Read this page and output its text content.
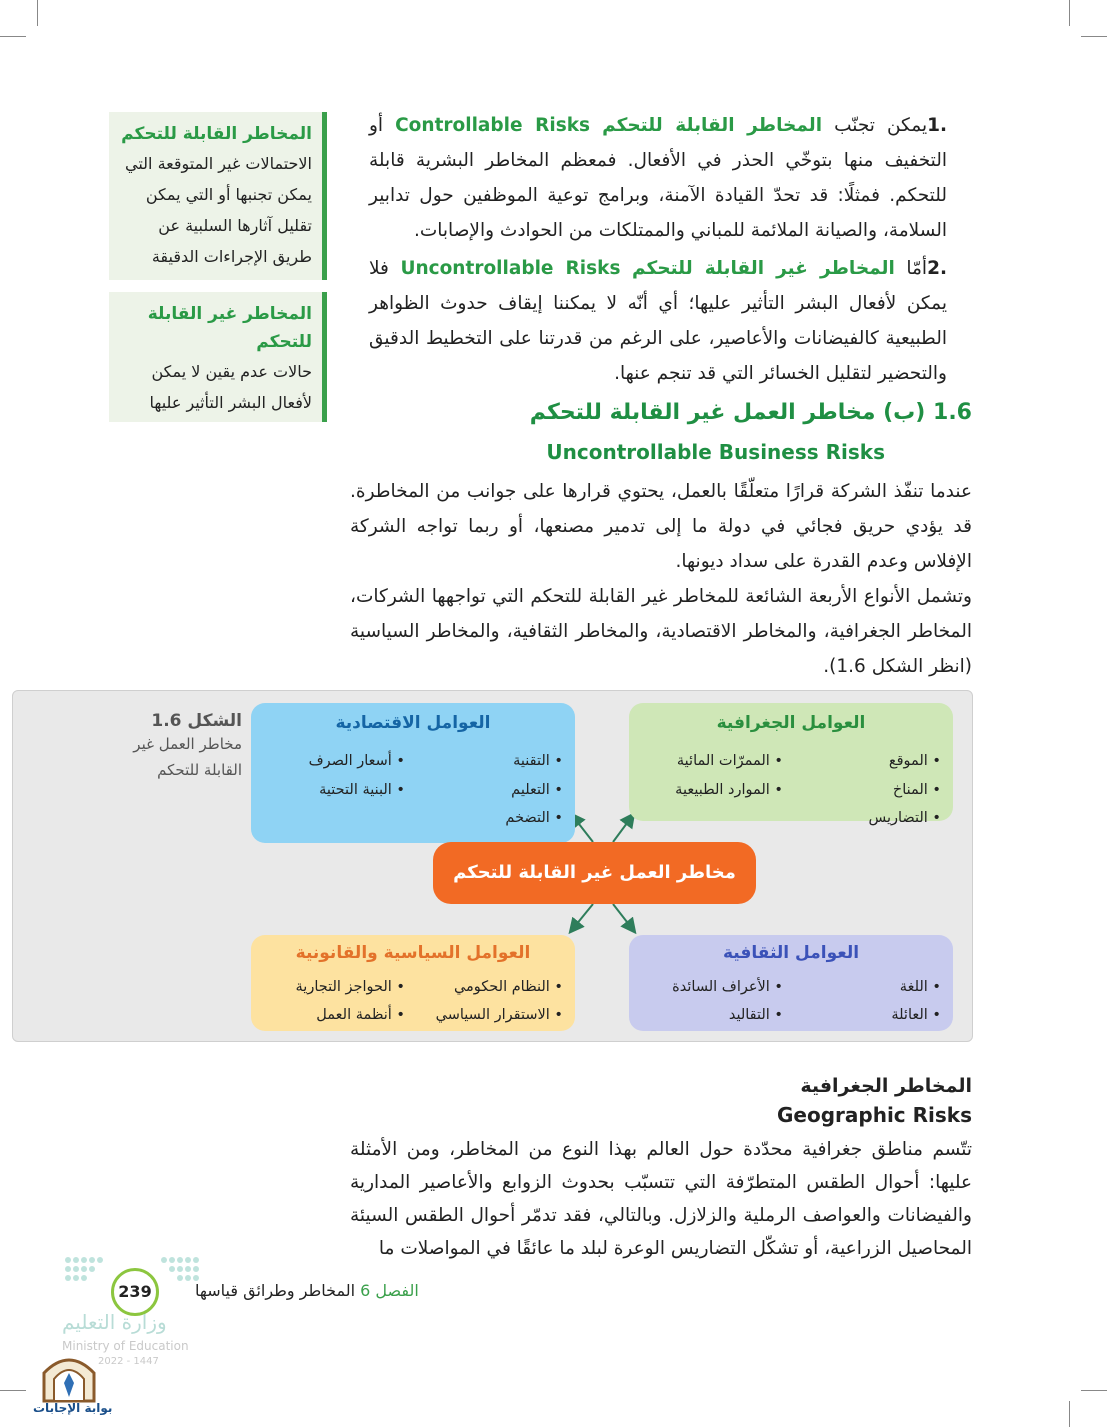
.1يمكن تجنّب المخاطر القابلة للتحكم Controllable Risks أو التخفيف منها بتوخّي الحذر في الأفعال. فمعظم المخاطر البشرية قابلة للتحكم. فمثلًا: قد تحدّ القيادة الآمنة، وبرامج توعية الموظفين حول تدابير السلامة، والصيانة الملائمة للمباني والممتلكات من الحوادث والإصابات.

.2أمّا المخاطر غير القابلة للتحكم Uncontrollable Risks فلا يمكن لأفعال البشر التأثير عليها؛ أي أنّه لا يمكننا إيقاف حدوث الظواهر الطبيعية كالفيضانات والأعاصير، على الرغم من قدرتنا على التخطيط الدقيق والتحضير لتقليل الخسائر التي قد تنجم عنها.

المخاطر القابلة للتحكم
الاحتمالات غير المتوقعة التي يمكن تجنبها أو التي يمكن تقليل آثارها السلبية عن طريق الإجراءات الدقيقة
المخاطر غير القابلة للتحكم
حالات عدم يقين لا يمكن لأفعال البشر التأثير عليها	1.6 (ب) مخاطر العمل غير القابلة للتحكم
Uncontrollable Business Risks

عندما تنفّذ الشركة قرارًا متعلّقًا بالعمل، يحتوي قرارها على جوانب من المخاطرة. قد يؤدي حريق فجائي في دولة ما إلى تدمير مصنعها، أو ربما تواجه الشركة الإفلاس وعدم القدرة على سداد ديونها.

وتشمل الأنواع الأربعة الشائعة للمخاطر غير القابلة للتحكم التي تواجهها الشركات، المخاطر الجغرافية، والمخاطر الاقتصادية، والمخاطر الثقافية، والمخاطر السياسية (انظر الشكل 1.6).

الشكل 1.6
مخاطر العمل غير القابلة للتحكم
العوامل الاقتصادية
• التقنية
• التعليم
• التضخم
• أسعار الصرف
• البنية التحتية
العوامل الجغرافية
• الموقع
• المناخ
• التضاريس
• الممرّات المائية
• الموارد الطبيعية
مخاطر العمل غير القابلة للتحكم
العوامل السياسية والقانونية
• النظام الحكومي
• الاستقرار السياسي
• الحواجز التجارية
• أنظمة العمل
العوامل الثقافية
• اللغة
• العائلة
• الأعراف السائدة
• التقاليد
المخاطر الجغرافية
Geographic Risks

تتّسم مناطق جغرافية محدّدة حول العالم بهذا النوع من المخاطر، ومن الأمثلة عليها: أحوال الطقس المتطرّفة التي تتسبّب بحدوث الزوابع والأعاصير المدارية والفيضانات والعواصف الرملية والزلازل. وبالتالي، فقد تدمّر أحوال الطقس السيئة المحاصيل الزراعية، أو تشكّل التضاريس الوعرة لبلد ما عائقًا في المواصلات ما

239	الفصل 6 المخاطر وطرائق قياسها
وزارة التعليم
Ministry of Education
2022 - 1447
بوابة الإجابات
